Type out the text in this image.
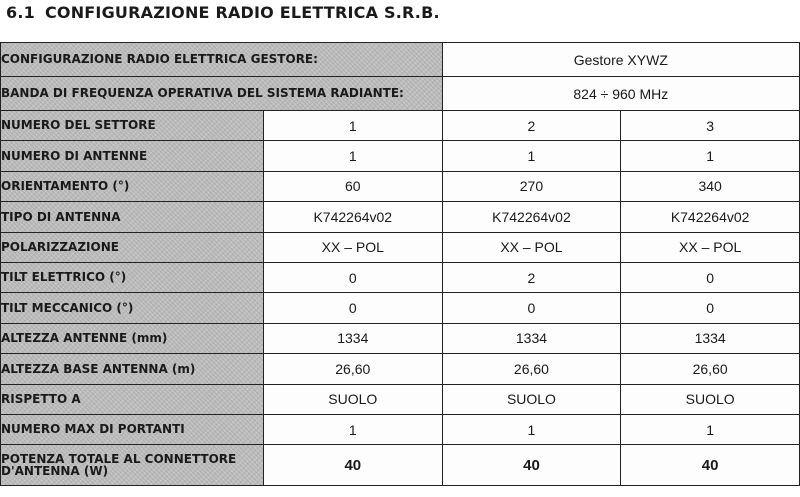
6.1 CONFIGURAZIONE RADIO ELETTRICA S.R.B.
CONFIGURAZIONE RADIO ELETTRICA GESTORE:		Gestore XYWZ	
BANDA DI FREQUENZA OPERATIVA DEL SISTEMA RADIANTE:		824 ÷ 960 MHz	
NUMERO DEL SETTORE	1	2	3
NUMERO DI ANTENNE	1	1	1
ORIENTAMENTO (°)	60	270	340
TIPO DI ANTENNA	K742264v02	K742264v02	K742264v02
POLARIZZAZIONE	XX – POL	XX – POL	XX – POL
TILT ELETTRICO (°)	0	2	0
TILT MECCANICO (°)	0	0	0
ALTEZZA ANTENNE (mm)	1334	1334	1334
ALTEZZA BASE ANTENNA (m)	26,60	26,60	26,60
RISPETTO A	SUOLO	SUOLO	SUOLO
NUMERO MAX DI PORTANTI	1	1	1
POTENZA TOTALE AL CONNETTORE D'ANTENNA (W)	40	40	40
